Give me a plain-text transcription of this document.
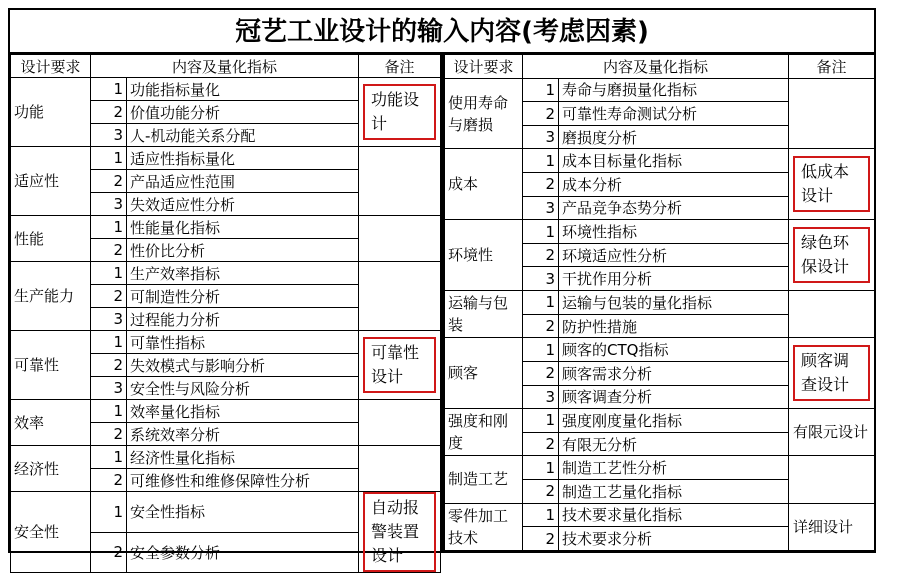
冠艺工业设计的输入内容(考虑因素)
设计要求	内容及量化指标		备注
功能	1	功能指标量化	功能设计
	2	价值功能分析	
	3	人-机动能关系分配	
适应性	1	适应性指标量化	
	2	产品适应性范围	
	3	失效适应性分析	
性能	1	性能量化指标	
	2	性价比分析	
生产能力	1	生产效率指标	
	2	可制造性分析	
	3	过程能力分析	
可靠性	1	可靠性指标	可靠性设计
	2	失效模式与影响分析	
	3	安全性与风险分析	
效率	1	效率量化指标	
	2	系统效率分析	
经济性	1	经济性量化指标	
	2	可维修性和维修保障性分析	
安全性	1	安全性指标	自动报警装置设计
	2	安全参数分析	
设计要求	内容及量化指标		备注
使用寿命与磨损	1	寿命与磨损量化指标	
	2	可靠性寿命测试分析	
	3	磨损度分析	
成本	1	成本目标量化指标	低成本设计
	2	成本分析	
	3	产品竞争态势分析	
环境性	1	环境性指标	绿色环保设计
	2	环境适应性分析	
	3	干扰作用分析	
运输与包装	1	运输与包装的量化指标	
	2	防护性措施	
顾客	1	顾客的CTQ指标	顾客调查设计
	2	顾客需求分析	
	3	顾客调查分析	
强度和刚度	1	强度刚度量化指标	有限元设计
	2	有限无分析	
制造工艺	1	制造工艺性分析	
	2	制造工艺量化指标	
零件加工技术	1	技术要求量化指标	详细设计
	2	技术要求分析	
